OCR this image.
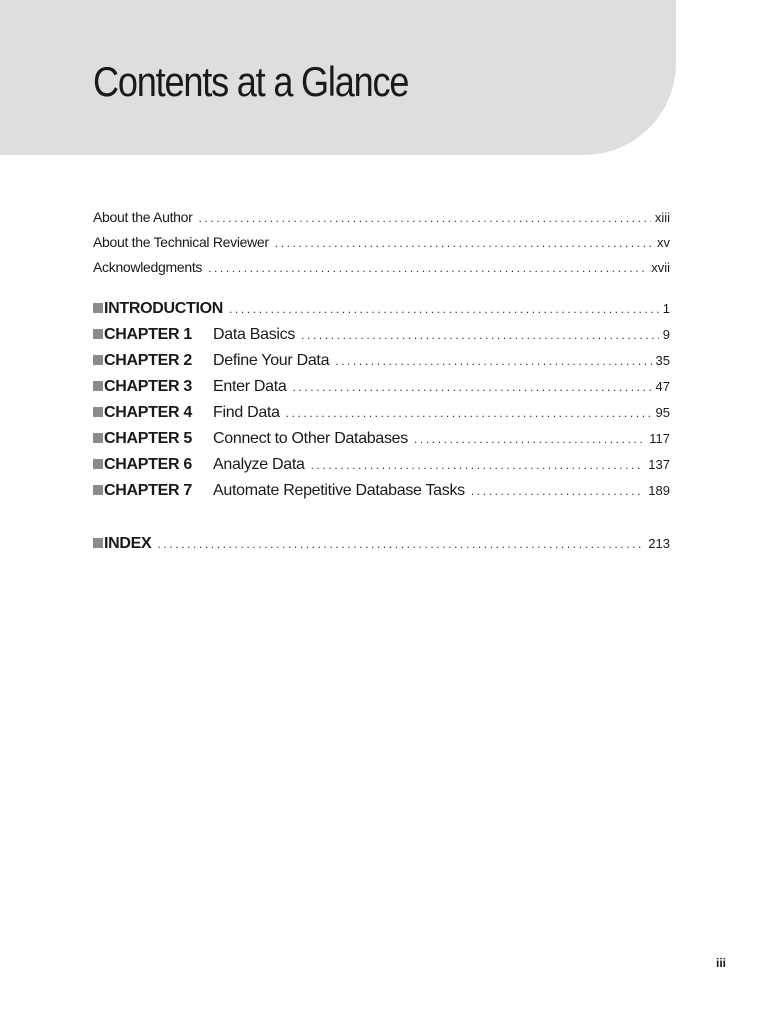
Contents at a Glance
About the Author .....	xiii
About the Technical Reviewer .....	xv
Acknowledgments .....	xvii
INTRODUCTION .....	1
CHAPTER 1	Data Basics .....	9
CHAPTER 2	Define Your Data .....	35
CHAPTER 3	Enter Data .....	47
CHAPTER 4	Find Data .....	95
CHAPTER 5	Connect to Other Databases .....	117
CHAPTER 6	Analyze Data .....	137
CHAPTER 7	Automate Repetitive Database Tasks .....	189
INDEX .....	213
iii
